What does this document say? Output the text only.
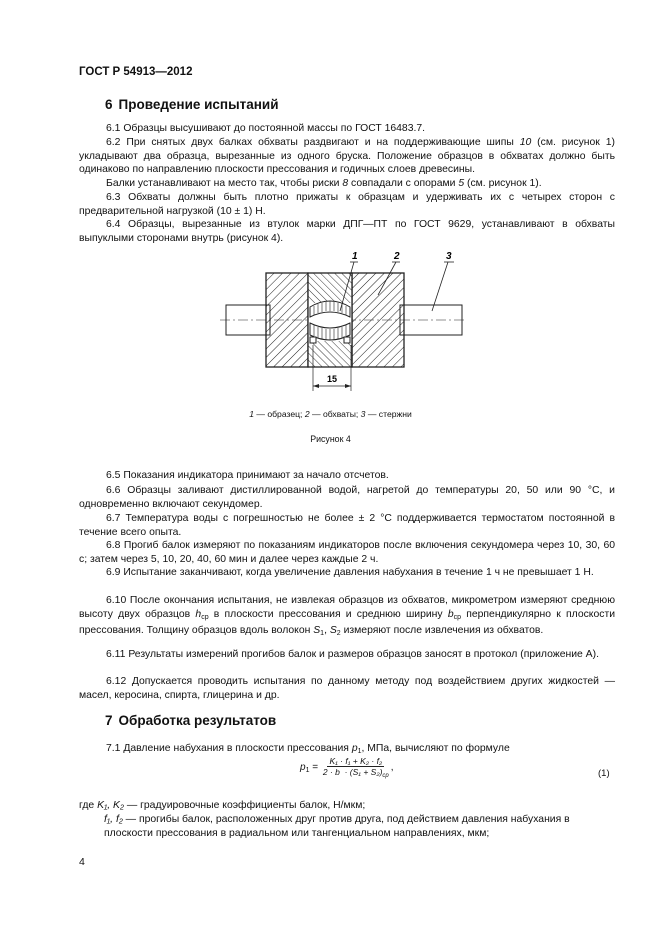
ГОСТ Р 54913—2012
6 Проведение испытаний

6.1 Образцы высушивают до постоянной массы по ГОСТ 16483.7.

6.2 При снятых двух балках обхваты раздвигают и на поддерживающие шипы 10 (см. рисунок 1) укладывают два образца, вырезанные из одного бруска. Положение образцов в обхватах должно быть одинаково по направлению плоскости прессования и годичных слоев древесины.

Балки устанавливают на место так, чтобы риски 8 совпадали с опорами 5 (см. рисунок 1).

6.3 Обхваты должны быть плотно прижаты к образцам и удерживать их с четырех сторон с предварительной нагрузкой (10 ± 1) Н.

6.4 Образцы, вырезанные из втулок марки ДПГ—ПТ по ГОСТ 9629, устанавливают в обхваты выпуклыми сторонами внутрь (рисунок 4).

15
1	2	3
1 — образец; 2 — обхваты; 3 — стержни
Рисунок 4

6.5 Показания индикатора принимают за начало отсчетов.

6.6 Образцы заливают дистиллированной водой, нагретой до температуры 20, 50 или 90 °С, и одновременно включают секундомер.

6.7 Температура воды с погрешностью не более ± 2 °С поддерживается термостатом постоянной в течение всего опыта.

6.8 Прогиб балок измеряют по показаниям индикаторов после включения секундомера через 10, 30, 60 с; затем через 5, 10, 20, 40, 60 мин и далее через каждые 2 ч.

6.9 Испытание заканчивают, когда увеличение давления набухания в течение 1 ч не превышает 1 Н.

6.10 После окончания испытания, не извлекая образцов из обхватов, микрометром измеряют среднюю высоту двух образцов $h_{ср}$ в плоскости прессования и среднюю ширину $b_{ср}$ перпендикулярно к плоскости прессования. Толщину образцов вдоль волокон $S_1$, $S_2$ измеряют после извлечения из обхватов.

6.11 Результаты измерений прогибов балок и размеров образцов заносят в протокол (приложение А).

6.12 Допускается проводить испытания по данному методу под воздействием других жидкостей — масел, керосина, спирта, глицерина и др.

7 Обработка результатов

7.1 Давление набухания в плоскости прессования $p_1$, МПа, вычисляют по формуле

$p_1$ =
K₁ · f₁ + K₂ · f₂
$2 \cdot b \cdot (S_1 + S_2)_{ср}$
,
(1)
где K₁, K₂ — градуировочные коэффициенты балок, Н/мкм;
f₁, f₂ — прогибы балок, расположенных друг против друга, под действием давления набухания в плоскости прессования в радиальном или тангенциальном направлениях, мкм;
4
